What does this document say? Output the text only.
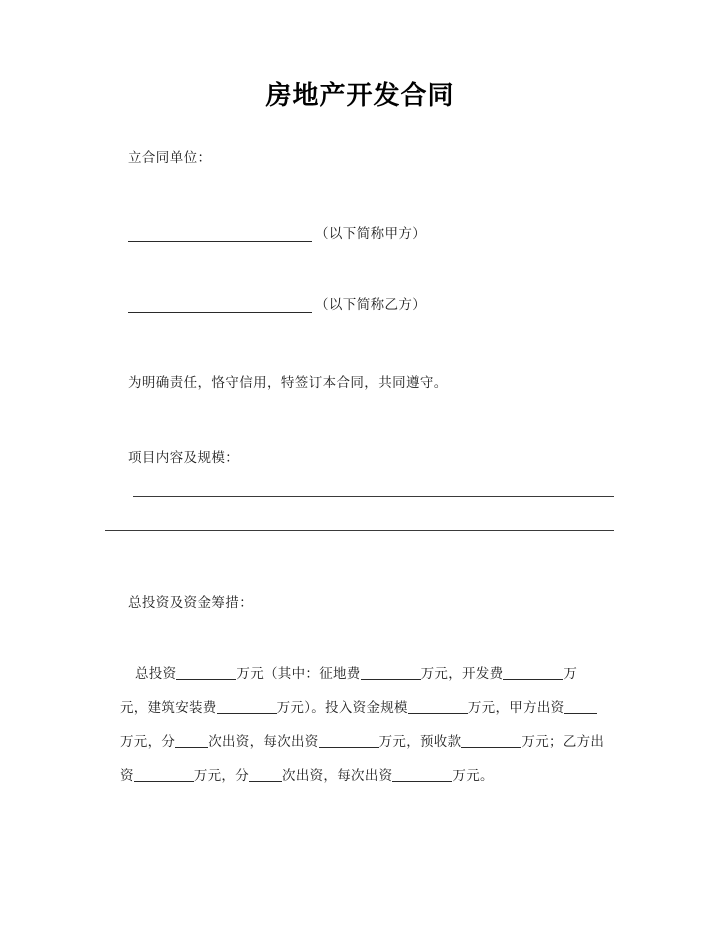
房地产开发合同
立合同单位：
（以下简称甲方）
（以下简称乙方）
为明确责任，恪守信用，特签订本合同，共同遵守。
项目内容及规模：
总投资及资金筹措：
总投资	万元（其中：征地费	万元，开发费	万
元，建筑安装费	万元）。投入资金规模	万元，甲方出资
万元，分 次出资，每次出资	万元，预收款	万元；乙方出
资	万元，分 次出资，每次出资	万元。
